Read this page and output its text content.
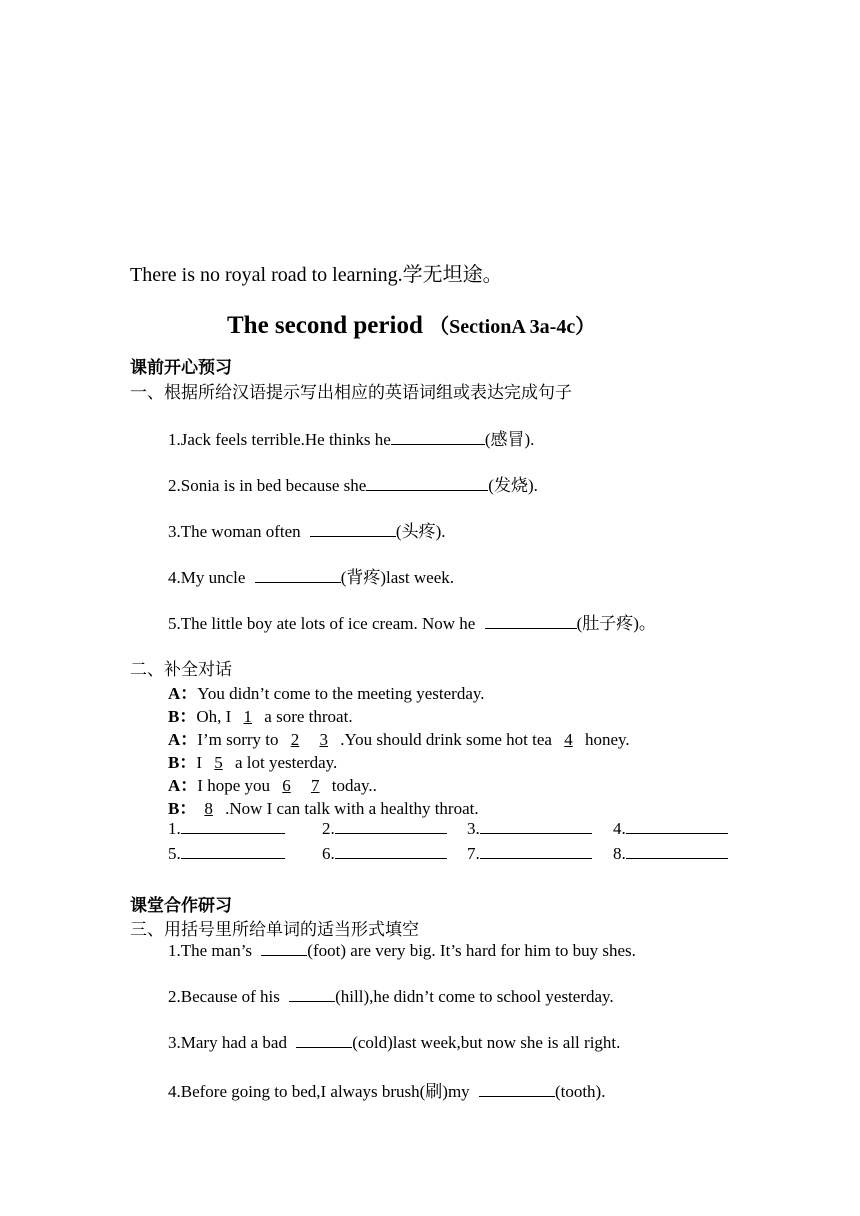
There is no royal road to learning.学无坦途。
The second period （SectionA 3a-4c）
课前开心预习
一、根据所给汉语提示写出相应的英语词组或表达完成句子
1.Jack feels terrible.He thinks he	(感冒).
2.Sonia is in bed because she	(发烧).
3.The woman often	(头疼).
4.My uncle	(背疼)last week.
5.The little boy ate lots of ice cream. Now he	(肚子疼)。
二、补全对话
A：You didn’t come to the meeting yesterday.
B：Oh, I 1 a sore throat.
A：I’m sorry to 2 3 .You should drink some hot tea 4 honey.
B：I 5 a lot yesterday.
A：I hope you 6 7 today..
B： 8 .Now I can talk with a healthy throat.
1.	2.	3.	4.
5.	6.	7.	8.
课堂合作研习
三、用括号里所给单词的适当形式填空
1.The man’s	(foot) are very big. It’s hard for him to buy shes.
2.Because of his	(hill),he didn’t come to school yesterday.
3.Mary had a bad	(cold)last week,but now she is all right.
4.Before going to bed,I always brush(刷)my	(tooth).
